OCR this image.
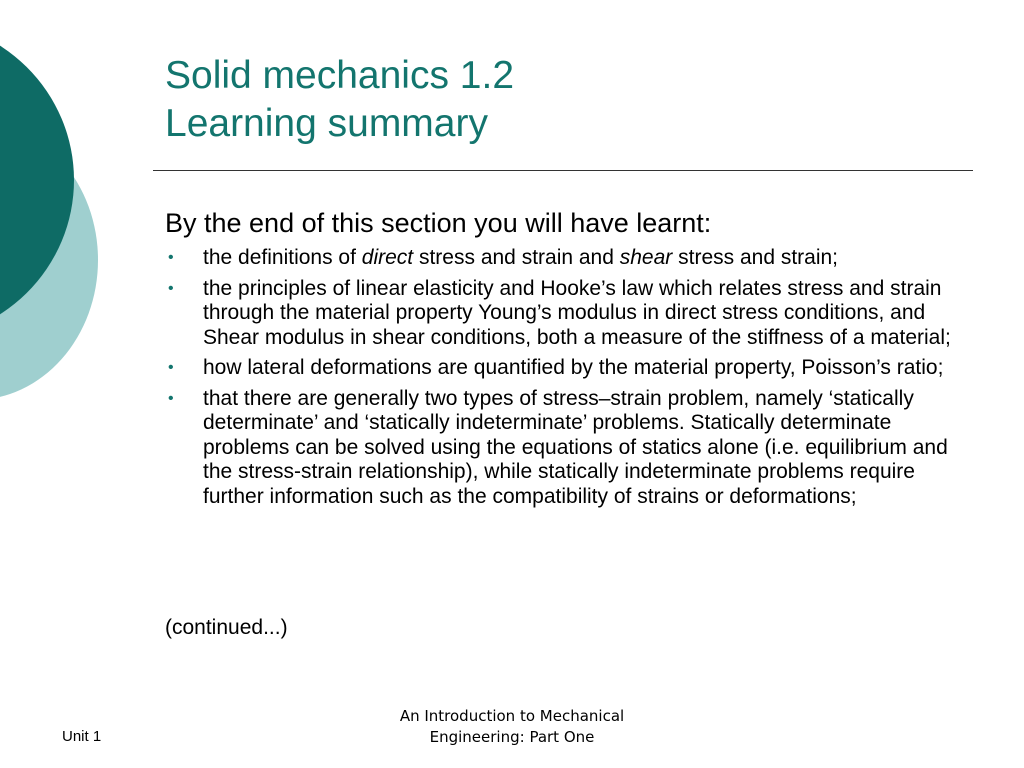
Solid mechanics 1.2
Learning summary
By the end of this section you will have learnt:
• the definitions of direct stress and strain and shear stress and strain;
• the principles of linear elasticity and Hooke’s law which relates stress and strain through the material property Young’s modulus in direct stress conditions, and Shear modulus in shear conditions, both a measure of the stiffness of a material;
• how lateral deformations are quantified by the material property, Poisson’s ratio;
• that there are generally two types of stress–strain problem, namely ‘statically determinate’ and ‘statically indeterminate’ problems. Statically determinate problems can be solved using the equations of statics alone (i.e. equilibrium and the stress-strain relationship), while statically indeterminate problems require further information such as the compatibility of strains or deformations;
(continued...)
Unit 1
An Introduction to Mechanical
Engineering: Part One
